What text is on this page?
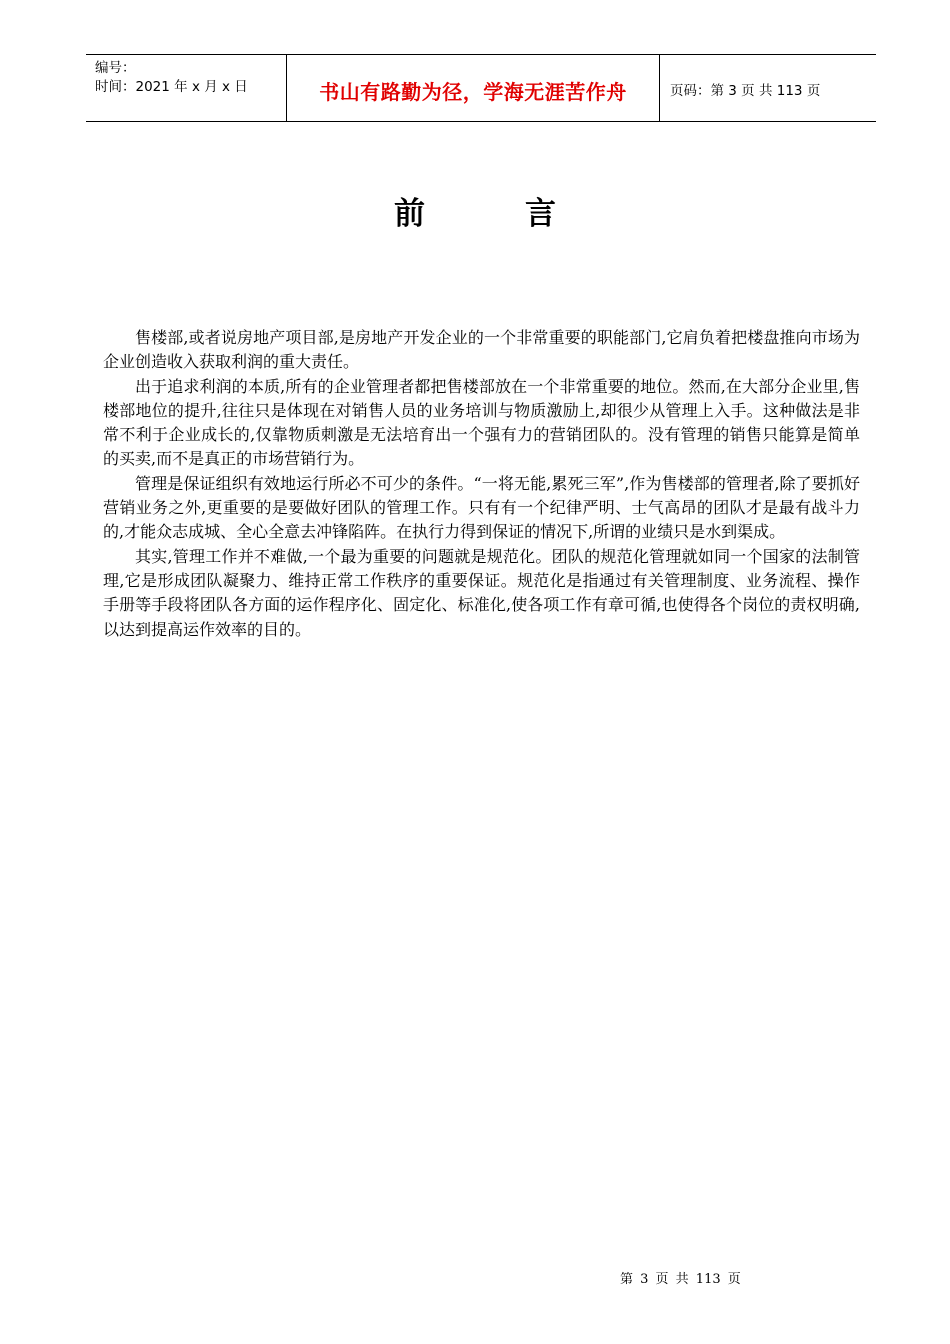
编号：
时间：2021 年 x 月 x 日	书山有路勤为径，学海无涯苦作舟	页码：第 3 页 共 113 页
前	言

售楼部,或者说房地产项目部,是房地产开发企业的一个非常重要的职能部门,它肩负着把楼盘推向市场为企业创造收入获取利润的重大责任。

出于追求利润的本质,所有的企业管理者都把售楼部放在一个非常重要的地位。然而,在大部分企业里,售楼部地位的提升,往往只是体现在对销售人员的业务培训与物质激励上,却很少从管理上入手。这种做法是非常不利于企业成长的,仅靠物质刺激是无法培育出一个强有力的营销团队的。没有管理的销售只能算是简单的买卖,而不是真正的市场营销行为。

管理是保证组织有效地运行所必不可少的条件。“一将无能,累死三军”,作为售楼部的管理者,除了要抓好营销业务之外,更重要的是要做好团队的管理工作。只有有一个纪律严明、士气高昂的团队才是最有战斗力的,才能众志成城、全心全意去冲锋陷阵。在执行力得到保证的情况下,所谓的业绩只是水到渠成。

其实,管理工作并不难做,一个最为重要的问题就是规范化。团队的规范化管理就如同一个国家的法制管理,它是形成团队凝聚力、维持正常工作秩序的重要保证。规范化是指通过有关管理制度、业务流程、操作手册等手段将团队各方面的运作程序化、固定化、标准化,使各项工作有章可循,也使得各个岗位的责权明确,以达到提高运作效率的目的。

第 3 页 共 113 页
